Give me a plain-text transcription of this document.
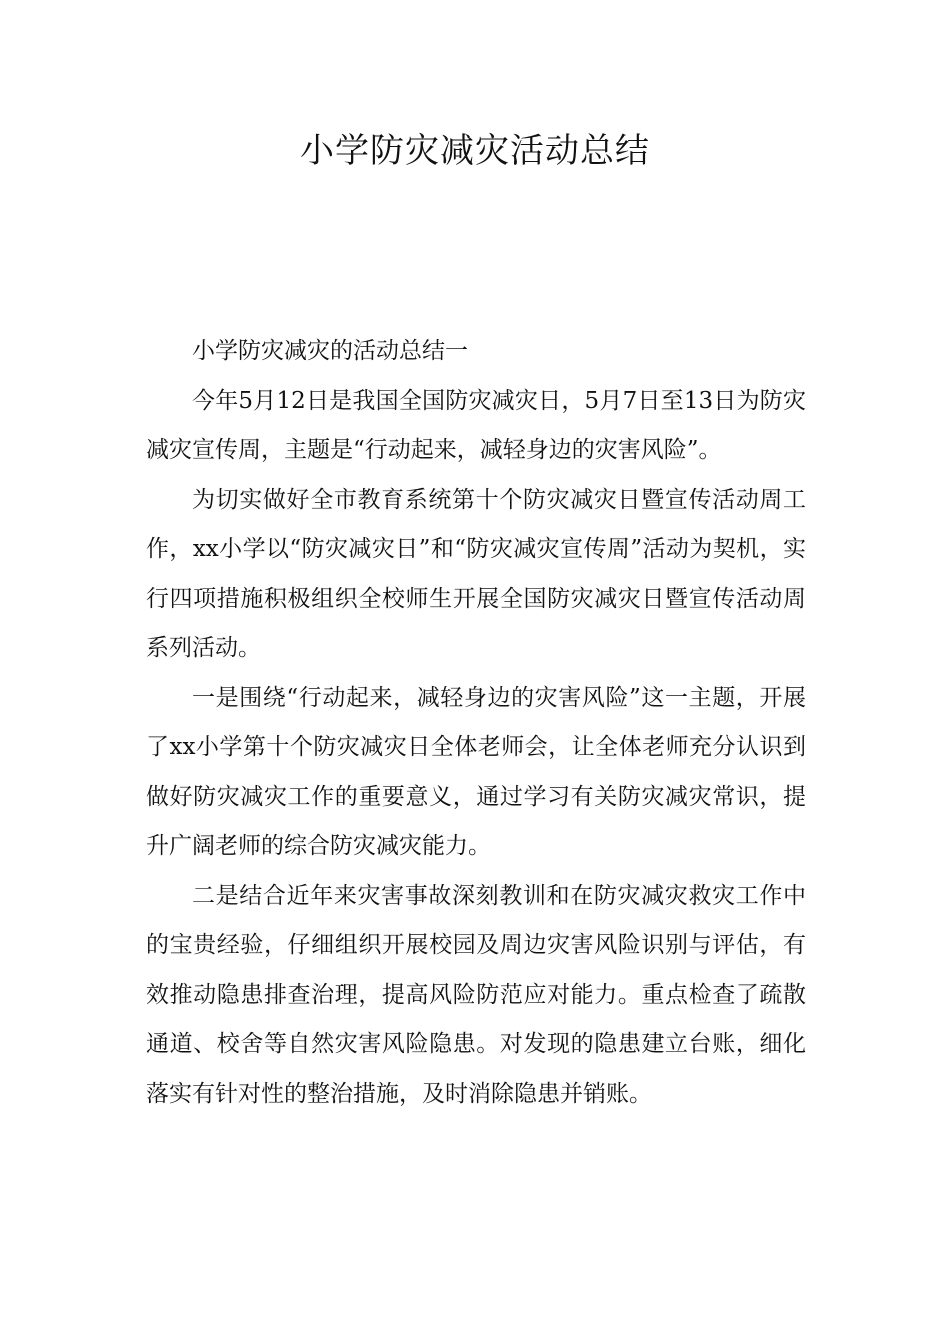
小学防灾减灾活动总结

小学防灾减灾的活动总结一

今年5月12日是我国全国防灾减灾日，5月7日至13日为防灾减灾宣传周，主题是“行动起来，减轻身边的灾害风险”。

为切实做好全市教育系统第十个防灾减灾日暨宣传活动周工作，xx小学以“防灾减灾日”和“防灾减灾宣传周”活动为契机，实行四项措施积极组织全校师生开展全国防灾减灾日暨宣传活动周系列活动。

一是围绕“行动起来，减轻身边的灾害风险”这一主题，开展了xx小学第十个防灾减灾日全体老师会，让全体老师充分认识到做好防灾减灾工作的重要意义，通过学习有关防灾减灾常识，提升广阔老师的综合防灾减灾能力。

二是结合近年来灾害事故深刻教训和在防灾减灾救灾工作中的宝贵经验，仔细组织开展校园及周边灾害风险识别与评估，有效推动隐患排查治理，提高风险防范应对能力。重点检查了疏散通道、校舍等自然灾害风险隐患。对发现的隐患建立台账，细化落实有针对性的整治措施，及时消除隐患并销账。
